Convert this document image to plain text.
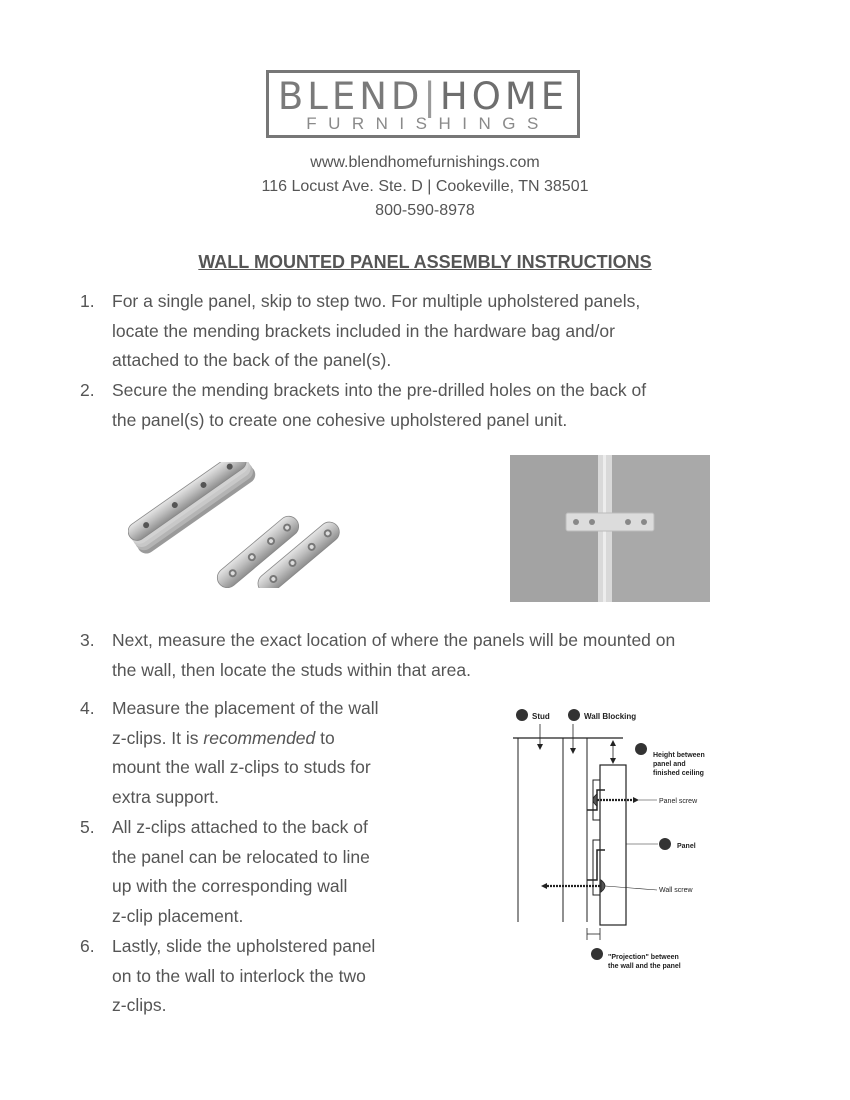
BLEND|HOME
FURNISHINGS
www.blendhomefurnishings.com
116 Locust Ave. Ste. D | Cookeville, TN 38501
800-590-8978
WALL MOUNTED PANEL ASSEMBLY INSTRUCTIONS
1. For a single panel, skip to step two. For multiple upholstered panels,
locate the mending brackets included in the hardware bag and/or
attached to the back of the panel(s).
2. Secure the mending brackets into the pre-drilled holes on the back of
the panel(s) to create one cohesive upholstered panel unit.
3. Next, measure the exact location of where the panels will be mounted on
the wall, then locate the studs within that area.
4. Measure the placement of the wall
z-clips. It is recommended to
mount the wall z-clips to studs for
extra support.
5. All z-clips attached to the back of
the panel can be relocated to line
up with the corresponding wall
z-clip placement.
6. Lastly, slide the upholstered panel
on to the wall to interlock the two
z-clips.
Stud	Wall Blocking
Panel screw
Wall screw
Height between
panel and
finished ceiling
Panel
"Projection" between
the wall and the panel
